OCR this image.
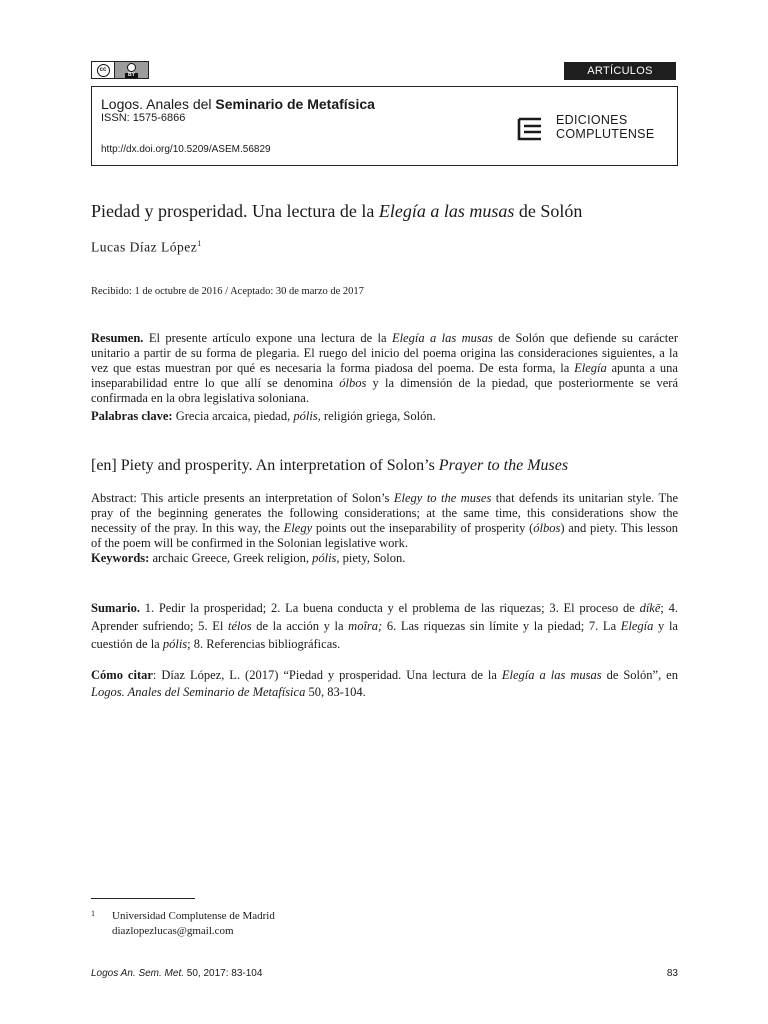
cc
BY	ARTÍCULOS
Logos. Anales del Seminario de Metafísica
ISSN: 1575-6866
http://dx.doi.org/10.5209/ASEM.56829
EDICIONES
COMPLUTENSE
Piedad y prosperidad. Una lectura de la Elegía a las musas de Solón
Lucas Díaz López$^1$
Recibido: 1 de octubre de 2016 / Aceptado: 30 de marzo de 2017
Resumen. El presente artículo expone una lectura de la Elegía a las musas de Solón que defiende su carácter unitario a partir de su forma de plegaria. El ruego del inicio del poema origina las consideraciones siguientes, a la vez que estas muestran por qué es necesaria la forma piadosa del poema. De esta forma, la Elegía apunta a una inseparabilidad entre lo que allí se denomina ólbos y la dimensión de la piedad, que posteriormente se verá confirmada en la obra legislativa soloniana.
Palabras clave: Grecia arcaica, piedad, pólis, religión griega, Solón.
[en] Piety and prosperity. An interpretation of Solon’s Prayer to the Muses
Abstract: This article presents an interpretation of Solon’s Elegy to the muses that defends its unitarian style. The pray of the beginning generates the following considerations; at the same time, this considerations show the necessity of the pray. In this way, the Elegy points out the inseparability of prosperity (ólbos) and piety. This lesson of the poem will be confirmed in the Solonian legislative work.
Keywords: archaic Greece, Greek religion, pólis, piety, Solon.
Sumario. 1. Pedir la prosperidad; 2. La buena conducta y el problema de las riquezas; 3. El proceso de díkē; 4. Aprender sufriendo; 5. El télos de la acción y la moîra; 6. Las riquezas sin límite y la piedad; 7. La Elegía y la cuestión de la pólis; 8. Referencias bibliográficas.
Cómo citar: Díaz López, L. (2017) “Piedad y prosperidad. Una lectura de la Elegía a las musas de Solón”, en Logos. Anales del Seminario de Metafísica 50, 83-104.
1 Universidad Complutense de Madrid
diazlopezlucas@gmail.com
Logos An. Sem. Met. 50, 2017: 83-104	83
